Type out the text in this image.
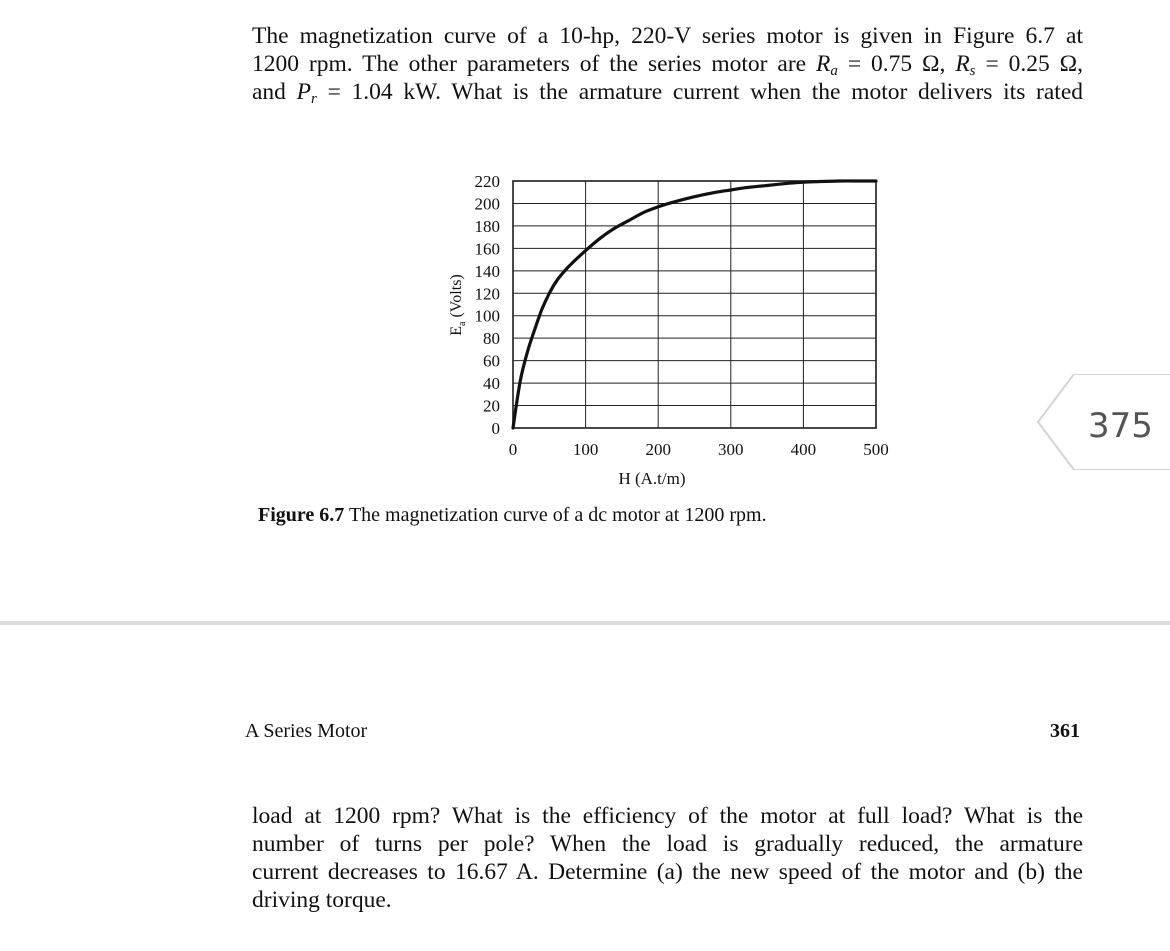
The magnetization curve of a 10-hp, 220-V series motor is given in Figure 6.7 at
1200 rpm. The other parameters of the series motor are $R_a = 0.75$ Ω, $R_s = 0.25$ Ω,
and $P_r = 1.04$ kW. What is the armature current when the motor delivers its rated
0
20
40
60
80
100
120
140
160
180
200
220
0	100	200	300	400	500
H (A.t/m)
$E_a$ (Volts)
Figure 6.7 The magnetization curve of a dc motor at 1200 rpm.
375
A Series Motor	361
load at 1200 rpm? What is the efficiency of the motor at full load? What is the
number of turns per pole? When the load is gradually reduced, the armature
current decreases to 16.67 A. Determine (a) the new speed of the motor and (b) the
driving torque.
